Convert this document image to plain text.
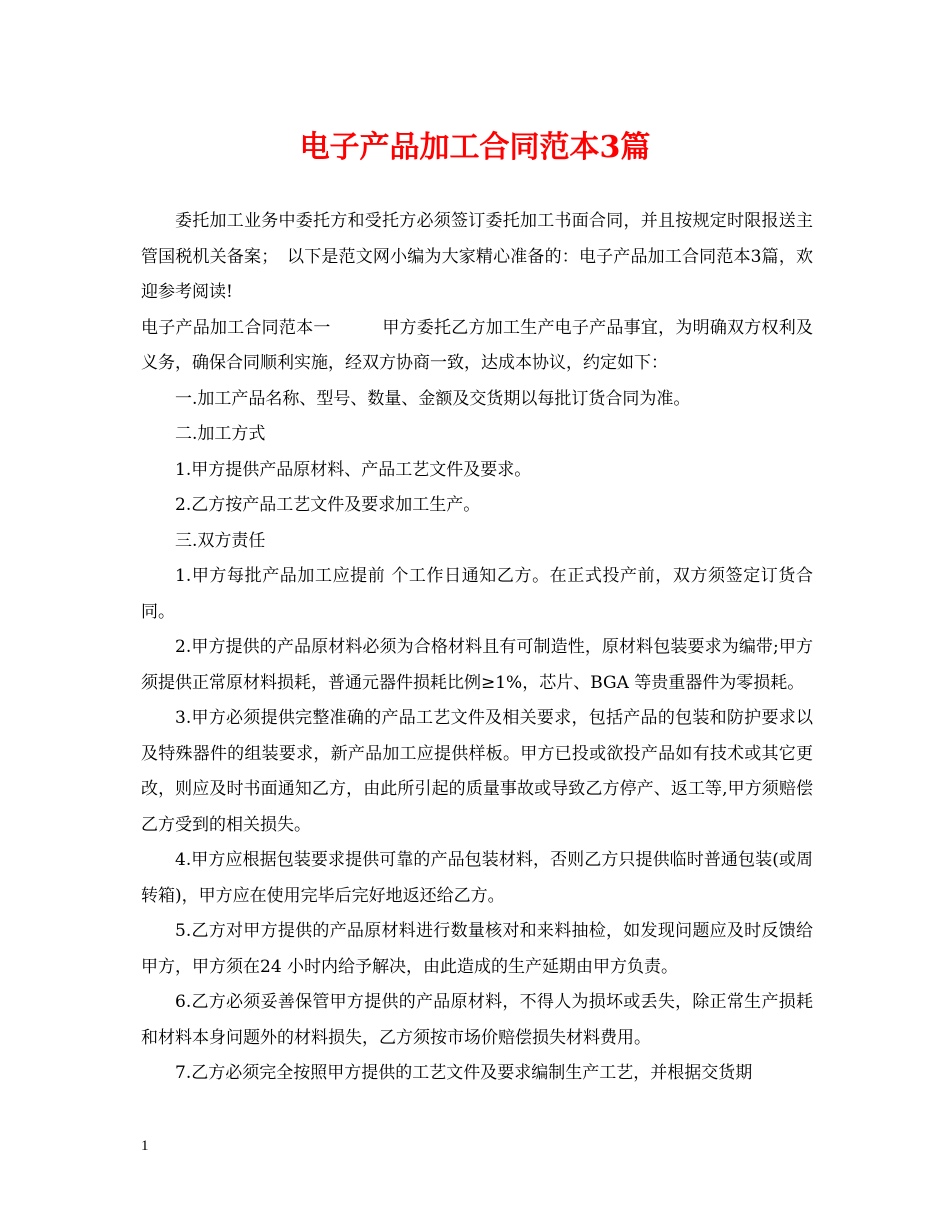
电子产品加工合同范本3篇

委托加工业务中委托方和受托方必须签订委托加工书面合同，并且按规定时限报送主管国税机关备案；　以下是范文网小编为大家精心准备的：电子产品加工合同范本3篇，欢迎参考阅读!

电子产品加工合同范本一　　　甲方委托乙方加工生产电子产品事宜，为明确双方权利及义务，确保合同顺利实施，经双方协商一致，达成本协议，约定如下：

一.加工产品名称、型号、数量、金额及交货期以每批订货合同为准。

二.加工方式

1.甲方提供产品原材料、产品工艺文件及要求。

2.乙方按产品工艺文件及要求加工生产。

三.双方责任

1.甲方每批产品加工应提前 个工作日通知乙方。在正式投产前，双方须签定订货合同。

2.甲方提供的产品原材料必须为合格材料且有可制造性，原材料包装要求为编带;甲方须提供正常原材料损耗，普通元器件损耗比例≥1%，芯片、BGA 等贵重器件为零损耗。

3.甲方必须提供完整准确的产品工艺文件及相关要求，包括产品的包装和防护要求以及特殊器件的组装要求，新产品加工应提供样板。甲方已投或欲投产品如有技术或其它更改，则应及时书面通知乙方，由此所引起的质量事故或导致乙方停产、返工等,甲方须赔偿乙方受到的相关损失。

4.甲方应根据包装要求提供可靠的产品包装材料，否则乙方只提供临时普通包装(或周转箱)，甲方应在使用完毕后完好地返还给乙方。

5.乙方对甲方提供的产品原材料进行数量核对和来料抽检，如发现问题应及时反馈给甲方，甲方须在24 小时内给予解决，由此造成的生产延期由甲方负责。

6.乙方必须妥善保管甲方提供的产品原材料，不得人为损坏或丢失，除正常生产损耗和材料本身问题外的材料损失，乙方须按市场价赔偿损失材料费用。

7.乙方必须完全按照甲方提供的工艺文件及要求编制生产工艺，并根据交货期

1
